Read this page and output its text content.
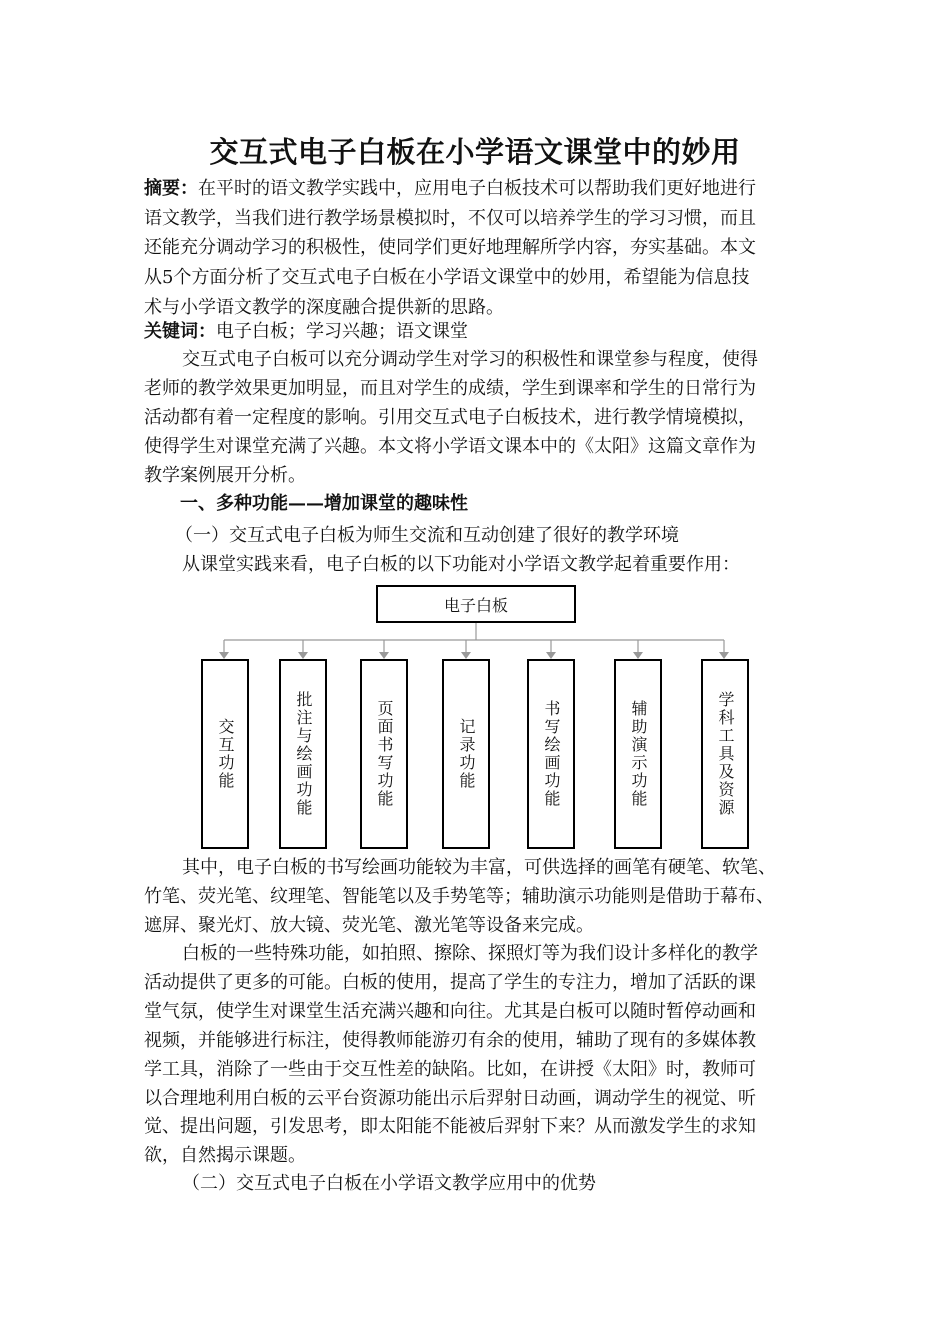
交互式电子白板在小学语文课堂中的妙用
摘要：在平时的语文教学实践中，应用电子白板技术可以帮助我们更好地进行
语文教学，当我们进行教学场景模拟时，不仅可以培养学生的学习习惯，而且
还能充分调动学习的积极性，使同学们更好地理解所学内容，夯实基础。本文
从5个方面分析了交互式电子白板在小学语文课堂中的妙用，希望能为信息技
术与小学语文教学的深度融合提供新的思路。
关键词：电子白板；学习兴趣；语文课堂
交互式电子白板可以充分调动学生对学习的积极性和课堂参与程度，使得
老师的教学效果更加明显，而且对学生的成绩，学生到课率和学生的日常行为
活动都有着一定程度的影响。引用交互式电子白板技术，进行教学情境模拟，
使得学生对课堂充满了兴趣。本文将小学语文课本中的《太阳》这篇文章作为
教学案例展开分析。
一、多种功能——增加课堂的趣味性
（一）交互式电子白板为师生交流和互动创建了很好的教学环境
从课堂实践来看，电子白板的以下功能对小学语文教学起着重要作用：
电子白板
交互功能	批注与绘画功能	页面书写功能	记录功能	书写绘画功能	辅助演示功能	学科工具及资源
其中，电子白板的书写绘画功能较为丰富，可供选择的画笔有硬笔、软笔、
竹笔、荧光笔、纹理笔、智能笔以及手势笔等；辅助演示功能则是借助于幕布、
遮屏、聚光灯、放大镜、荧光笔、激光笔等设备来完成。
白板的一些特殊功能，如拍照、擦除、探照灯等为我们设计多样化的教学
活动提供了更多的可能。白板的使用，提高了学生的专注力，增加了活跃的课
堂气氛，使学生对课堂生活充满兴趣和向往。尤其是白板可以随时暂停动画和
视频，并能够进行标注，使得教师能游刃有余的使用，辅助了现有的多媒体教
学工具，消除了一些由于交互性差的缺陷。比如，在讲授《太阳》时，教师可
以合理地利用白板的云平台资源功能出示后羿射日动画，调动学生的视觉、听
觉、提出问题，引发思考，即太阳能不能被后羿射下来？从而激发学生的求知
欲，自然揭示课题。
（二）交互式电子白板在小学语文教学应用中的优势
